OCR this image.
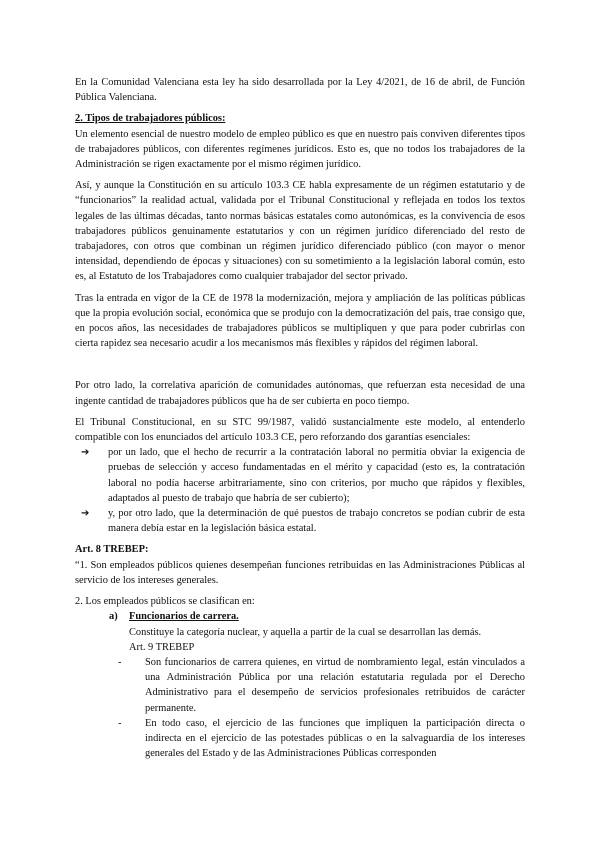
En la Comunidad Valenciana esta ley ha sido desarrollada por la Ley 4/2021, de 16 de abril, de Función Pública Valenciana.

2. Tipos de trabajadores públicos:

Un elemento esencial de nuestro modelo de empleo público es que en nuestro país conviven diferentes tipos de trabajadores públicos, con diferentes regímenes jurídicos. Esto es, que no todos los trabajadores de la Administración se rigen exactamente por el mismo régimen jurídico.

Así, y aunque la Constitución en su artículo 103.3 CE habla expresamente de un régimen estatutario y de “funcionarios” la realidad actual, validada por el Tribunal Constitucional y reflejada en todos los textos legales de las últimas décadas, tanto normas básicas estatales como autonómicas, es la convivencia de esos trabajadores públicos genuinamente estatutarios y con un régimen jurídico diferenciado del resto de trabajadores, con otros que combinan un régimen jurídico diferenciado público (con mayor o menor intensidad, dependiendo de épocas y situaciones) con su sometimiento a la legislación laboral común, esto es, al Estatuto de los Trabajadores como cualquier trabajador del sector privado.

Tras la entrada en vigor de la CE de 1978 la modernización, mejora y ampliación de las políticas públicas que la propia evolución social, económica que se produjo con la democratización del país, trae consigo que, en pocos años, las necesidades de trabajadores públicos se multipliquen y que para poder cubrirlas con cierta rapidez sea necesario acudir a los mecanismos más flexibles y rápidos del régimen laboral.

Por otro lado, la correlativa aparición de comunidades autónomas, que refuerzan esta necesidad de una ingente cantidad de trabajadores públicos que ha de ser cubierta en poco tiempo.

El Tribunal Constitucional, en su STC 99/1987, validó sustancialmente este modelo, al entenderlo compatible con los enunciados del artículo 103.3 CE, pero reforzando dos garantías esenciales:

➔ por un lado, que el hecho de recurrir a la contratación laboral no permitía obviar la exigencia de pruebas de selección y acceso fundamentadas en el mérito y capacidad (esto es, la contratación laboral no podía hacerse arbitrariamente, sino con criterios, por mucho que rápidos y flexibles, adaptados al puesto de trabajo que habría de ser cubierto);
➔ y, por otro lado, que la determinación de qué puestos de trabajo concretos se podían cubrir de esta manera debía estar en la legislación básica estatal.

Art. 8 TREBEP:

“1. Son empleados públicos quienes desempeñan funciones retribuidas en las Administraciones Públicas al servicio de los intereses generales.

2. Los empleados públicos se clasifican en:

a) Funcionarios de carrera.

Constituye la categoría nuclear, y aquella a partir de la cual se desarrollan las demás.

Art. 9 TREBEP

- Son funcionarios de carrera quienes, en virtud de nombramiento legal, están vinculados a una Administración Pública por una relación estatutaria regulada por el Derecho Administrativo para el desempeño de servicios profesionales retribuidos de carácter permanente.
- En todo caso, el ejercicio de las funciones que impliquen la participación directa o indirecta en el ejercicio de las potestades públicas o en la salvaguardia de los intereses generales del Estado y de las Administraciones Públicas corresponden
